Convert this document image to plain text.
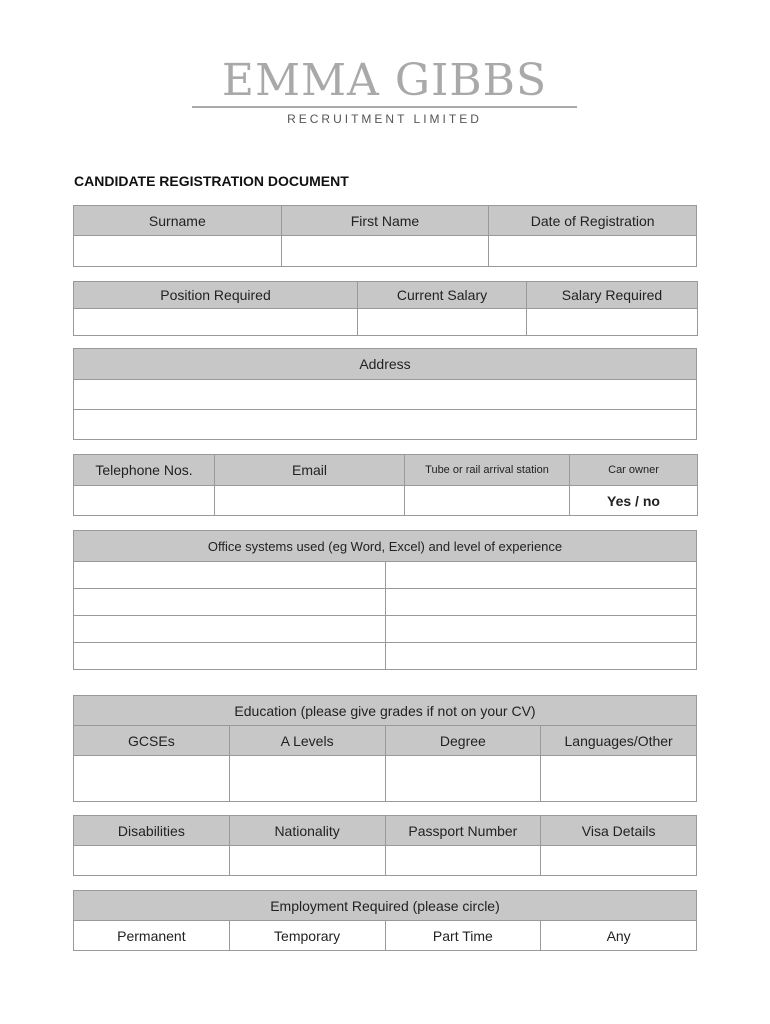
EMMA GIBBS
RECRUITMENT LIMITED
CANDIDATE REGISTRATION DOCUMENT
Surname	First Name	Date of Registration

Position Required	Current Salary	Salary Required

Address

Telephone Nos.	Email	Tube or rail arrival station	Car owner
			Yes / no
Office systems used (eg Word, Excel) and level of experience	

Education (please give grades if not on your CV)			
GCSEs	A Levels	Degree	Languages/Other

Disabilities	Nationality	Passport Number	Visa Details

Employment Required (please circle)
Permanent	Temporary	Part Time	Any
